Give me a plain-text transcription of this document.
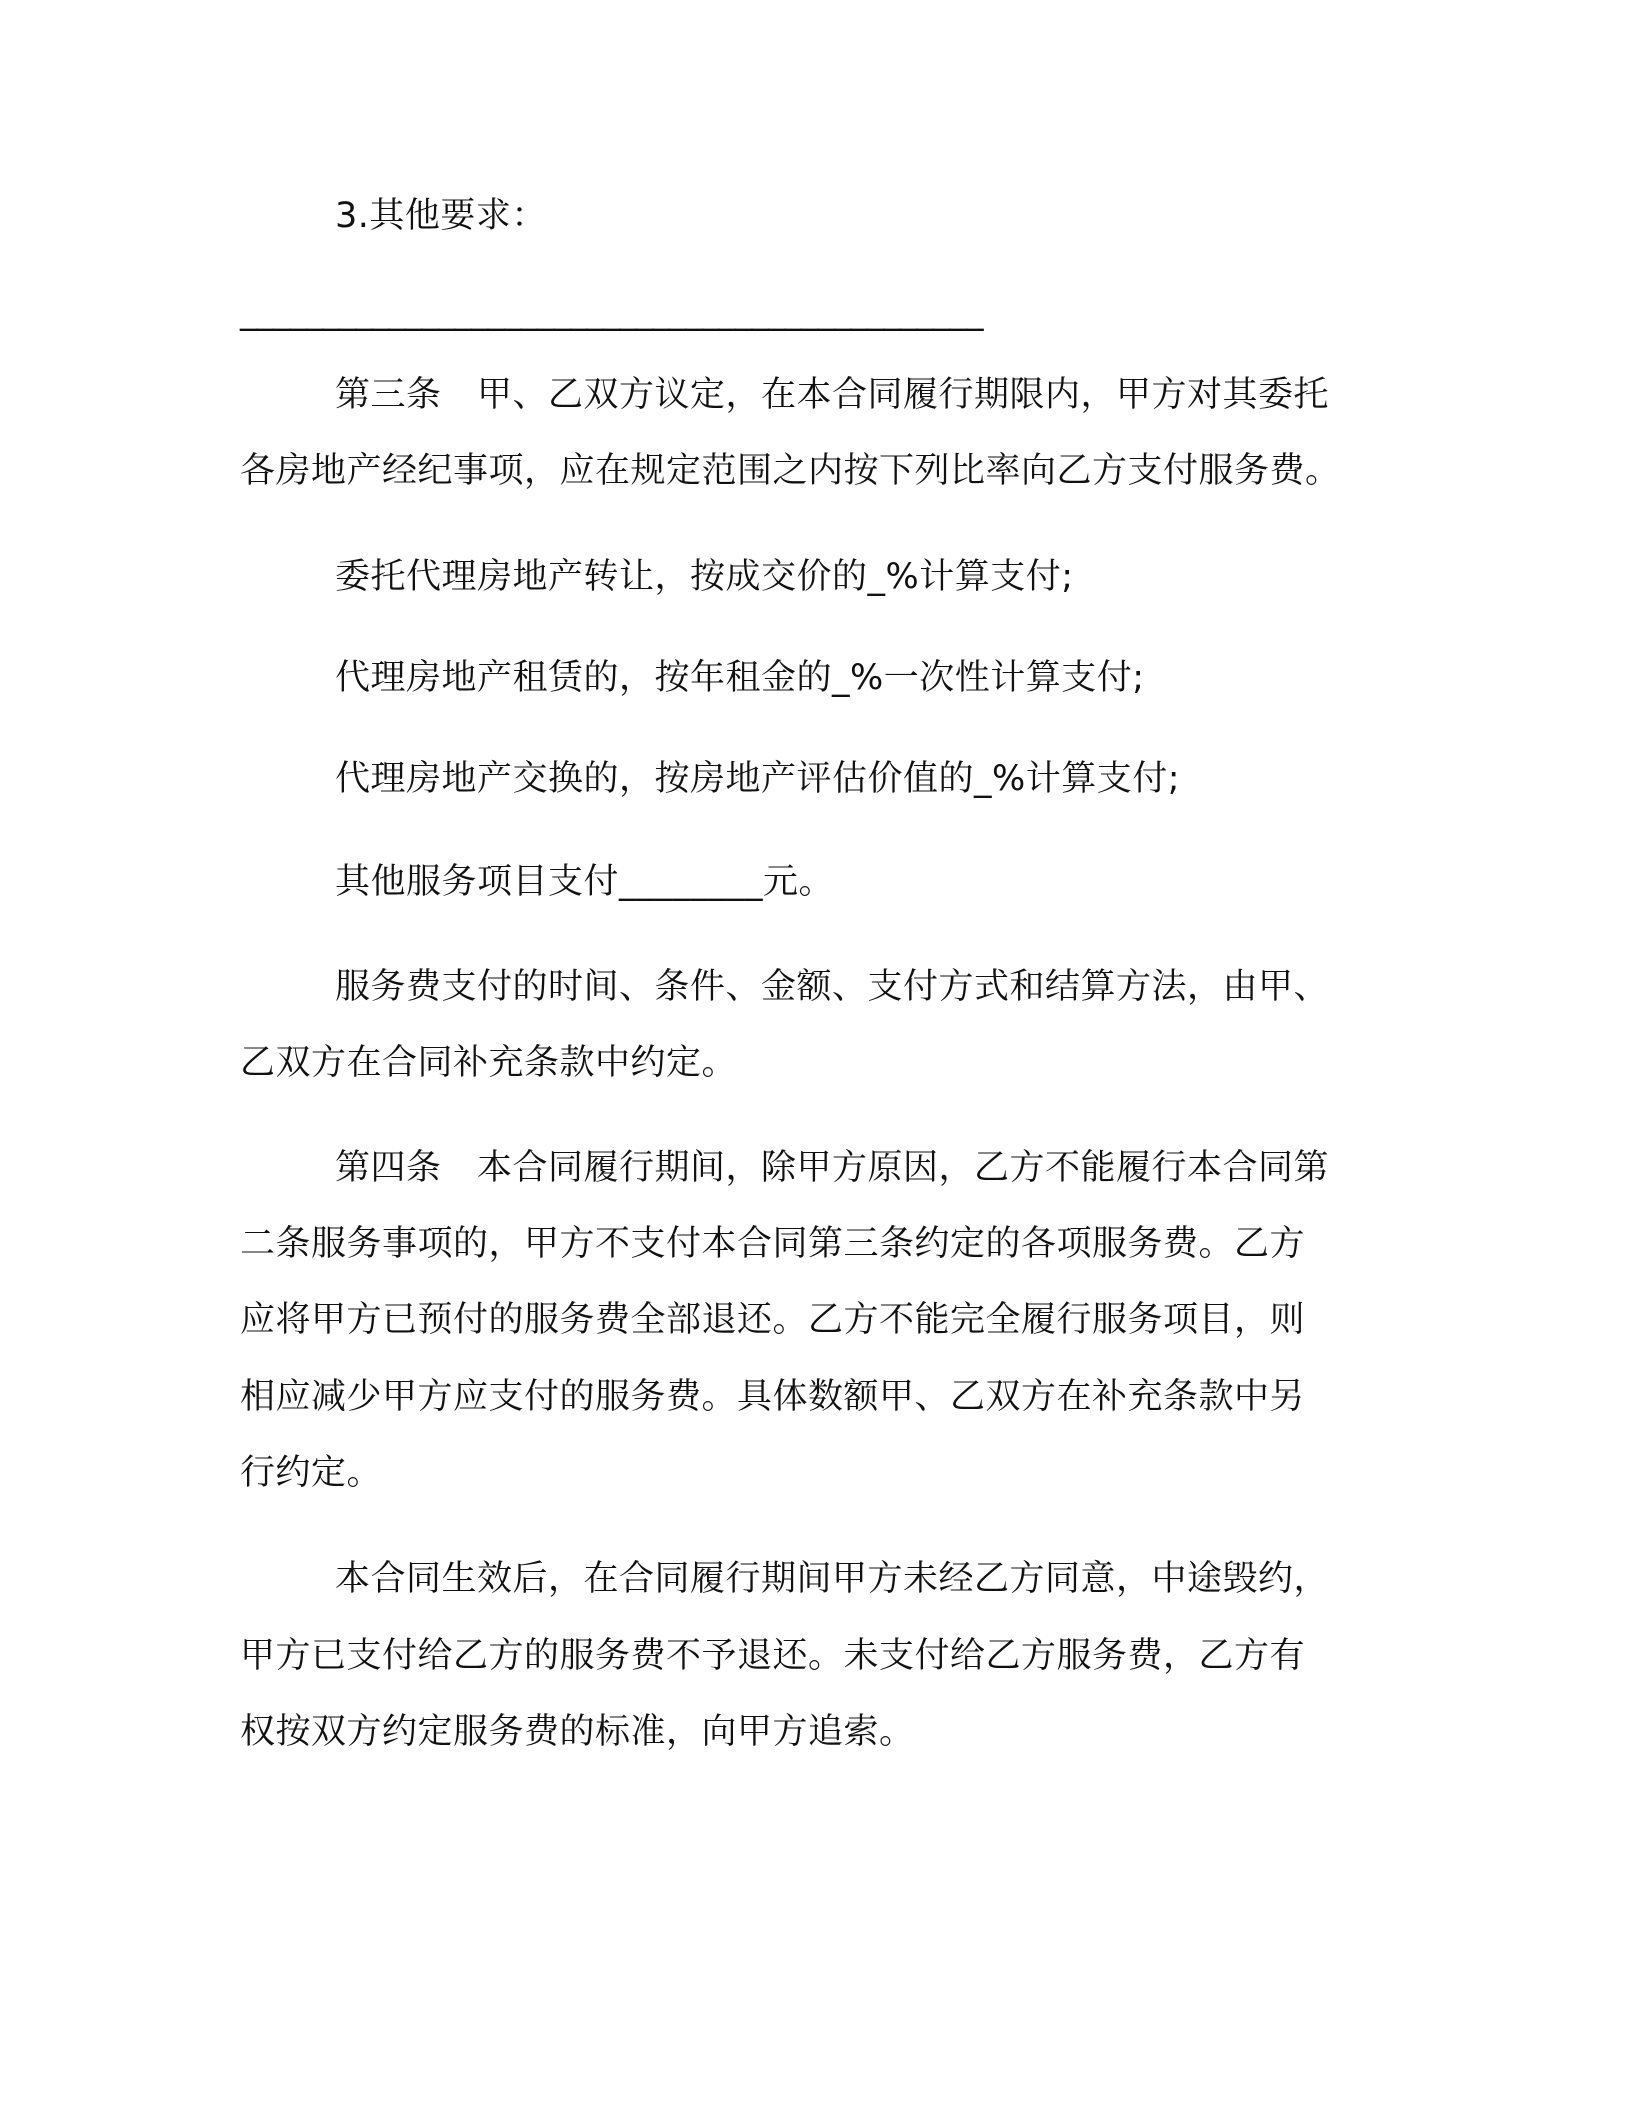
3.其他要求：
_____________________________________________
第三条　甲、乙双方议定，在本合同履行期限内，甲方对其委托
各房地产经纪事项，应在规定范围之内按下列比率向乙方支付服务费。
委托代理房地产转让，按成交价的_%计算支付;
代理房地产租赁的，按年租金的_%一次性计算支付;
代理房地产交换的，按房地产评估价值的_%计算支付;
其他服务项目支付________元。
服务费支付的时间、条件、金额、支付方式和结算方法，由甲、
乙双方在合同补充条款中约定。
第四条　本合同履行期间，除甲方原因，乙方不能履行本合同第
二条服务事项的，甲方不支付本合同第三条约定的各项服务费。乙方
应将甲方已预付的服务费全部退还。乙方不能完全履行服务项目，则
相应减少甲方应支付的服务费。具体数额甲、乙双方在补充条款中另
行约定。
本合同生效后，在合同履行期间甲方未经乙方同意，中途毁约，
甲方已支付给乙方的服务费不予退还。未支付给乙方服务费，乙方有
权按双方约定服务费的标准，向甲方追索。
